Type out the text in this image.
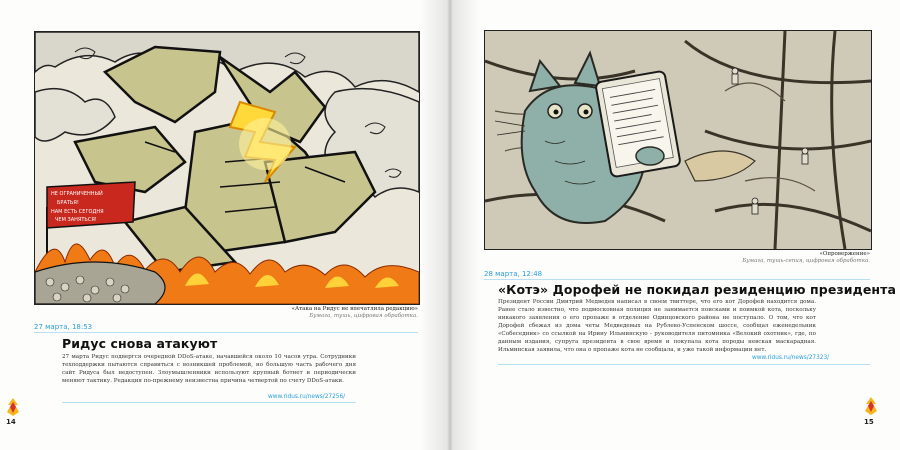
НЕ ОГРАНИЧЕННЫЙ
БРАТЬЯ!
НАМ ЕСТЬ СЕГОДНЯ
ЧЕМ ЗАНЯТЬСЯ!
«Атака на Ридус не впечатлила редакцию»
Бумага, тушь, цифровая обработка.
27 марта, 18:53
Ридус снова атакуют
27 марта Ридус подвергся очередной DDoS-атаке, начавшейся около 10 часов утра. Сотрудники техподдержки пытаются справиться с возникшей проблемой, но большую часть рабочего дня сайт Ридуса был недоступен. Злоумышленники используют крупный ботнет и периодически меняют тактику. Редакция по-прежнему неизвестна причина четвертой по счету DDoS-атаки.
www.ridus.ru/news/27256/
14
«Опровержение»
Бумага, тушь-сепия, цифровая обработка.
28 марта, 12:48
«Котэ» Дорофей не покидал резиденцию президента
Президент России Дмитрий Медведев написал в своем твиттере, что его кот Дорофей находится дома. Ранее стало известно, что подмосковная полиция не занимается поисками и поимкой кота, поскольку никакого заявления о его пропаже в отделение Одинцовского района не поступало. О том, что кот Дорофей сбежал из дома четы Медведевых на Рублево-Успенском шоссе, сообщал еженедельник «Собеседник» со ссылкой на Ирину Ильминскую - руководителя питомника «Велокий охотник», где, по данным издания, супруга президента в свое время и покупала кота породы невская маскарадная. Ильминская заявила, что она о пропаже кота не сообщала, и уже такой информации нет.
www.ridus.ru/news/27323/
15
